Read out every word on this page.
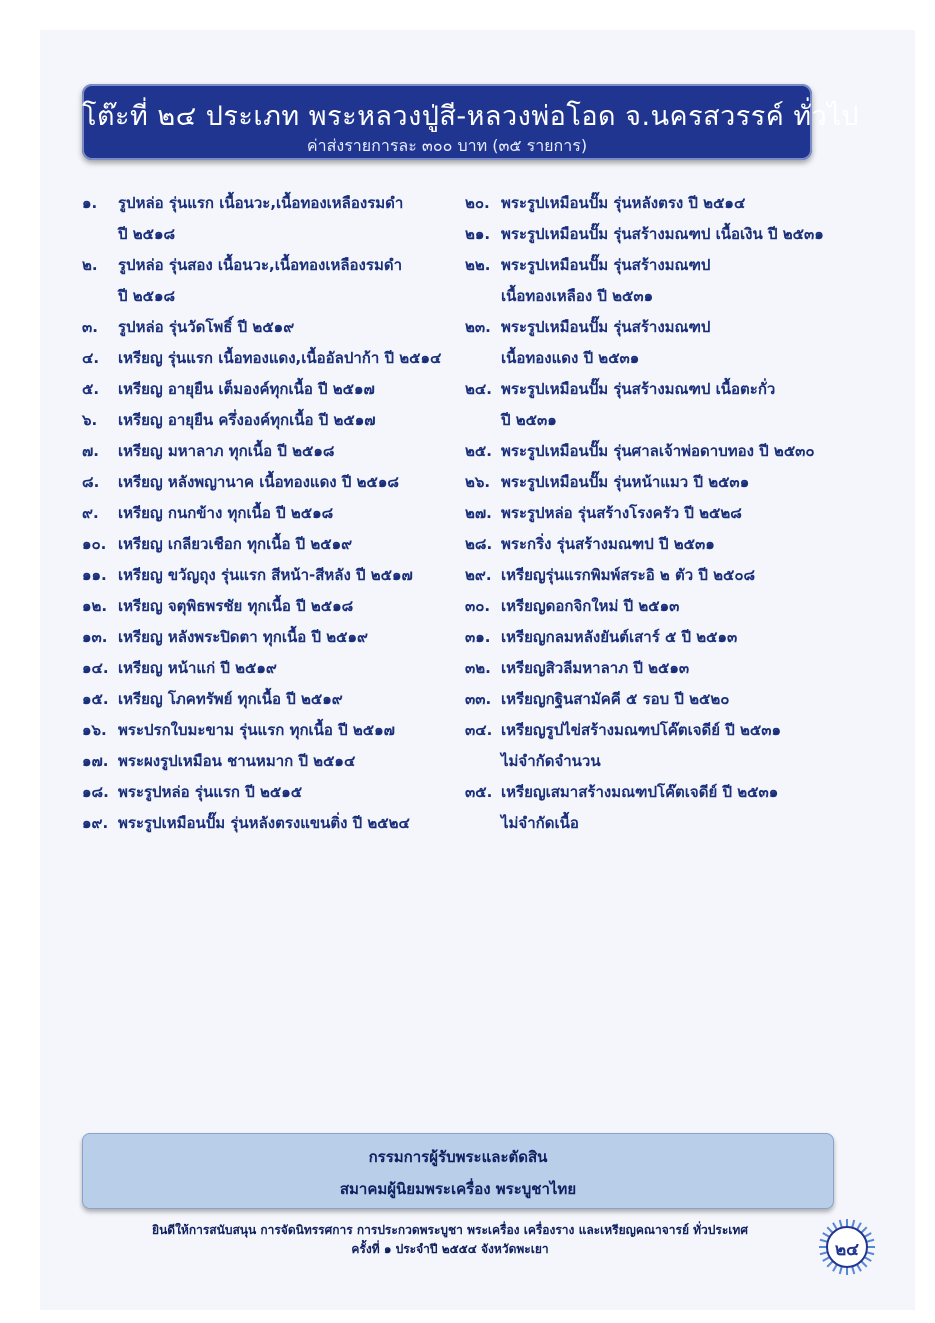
โต๊ะที่ ๒๔ ประเภท พระหลวงปู่สี-หลวงพ่อโอด จ.นครสวรรค์ ทั่วไป
ค่าส่งรายการละ ๓๐๐ บาท (๓๕ รายการ)
๑. รูปหล่อ รุ่นแรก เนื้อนวะ,เนื้อทองเหลืองรมดำ
ปี ๒๕๑๘
๒. รูปหล่อ รุ่นสอง เนื้อนวะ,เนื้อทองเหลืองรมดำ
ปี ๒๕๑๘
๓. รูปหล่อ รุ่นวัดโพธิ์ ปี ๒๕๑๙
๔. เหรียญ รุ่นแรก เนื้อทองแดง,เนื้ออัลปาก้า ปี ๒๕๑๔
๕. เหรียญ อายุยืน เต็มองค์ทุกเนื้อ ปี ๒๕๑๗
๖. เหรียญ อายุยืน ครึ่งองค์ทุกเนื้อ ปี ๒๕๑๗
๗. เหรียญ มหาลาภ ทุกเนื้อ ปี ๒๕๑๘
๘. เหรียญ หลังพญานาค เนื้อทองแดง ปี ๒๕๑๘
๙. เหรียญ กนกข้าง ทุกเนื้อ ปี ๒๕๑๘
๑๐. เหรียญ เกลียวเชือก ทุกเนื้อ ปี ๒๕๑๙
๑๑. เหรียญ ขวัญถุง รุ่นแรก สีหน้า-สีหลัง ปี ๒๕๑๗
๑๒. เหรียญ จตุพิธพรชัย ทุกเนื้อ ปี ๒๕๑๘
๑๓. เหรียญ หลังพระปิดตา ทุกเนื้อ ปี ๒๕๑๙
๑๔. เหรียญ หน้าแก่ ปี ๒๕๑๙
๑๕. เหรียญ โภคทรัพย์ ทุกเนื้อ ปี ๒๕๑๙
๑๖. พระปรกใบมะขาม รุ่นแรก ทุกเนื้อ ปี ๒๕๑๗
๑๗. พระผงรูปเหมือน ชานหมาก ปี ๒๕๑๔
๑๘. พระรูปหล่อ รุ่นแรก ปี ๒๕๑๕
๑๙. พระรูปเหมือนปั๊ม รุ่นหลังตรงแขนติ่ง ปี ๒๕๒๔
๒๐. พระรูปเหมือนปั๊ม รุ่นหลังตรง ปี ๒๕๑๔
๒๑. พระรูปเหมือนปั๊ม รุ่นสร้างมณฑป เนื้อเงิน ปี ๒๕๓๑
๒๒. พระรูปเหมือนปั๊ม รุ่นสร้างมณฑป
เนื้อทองเหลือง ปี ๒๕๓๑
๒๓. พระรูปเหมือนปั๊ม รุ่นสร้างมณฑป
เนื้อทองแดง ปี ๒๕๓๑
๒๔. พระรูปเหมือนปั๊ม รุ่นสร้างมณฑป เนื้อตะกั่ว
ปี ๒๕๓๑
๒๕. พระรูปเหมือนปั๊ม รุ่นศาลเจ้าพ่อดาบทอง ปี ๒๕๓๐
๒๖. พระรูปเหมือนปั๊ม รุ่นหน้าแมว ปี ๒๕๓๑
๒๗. พระรูปหล่อ รุ่นสร้างโรงครัว ปี ๒๕๒๘
๒๘. พระกริ่ง รุ่นสร้างมณฑป ปี ๒๕๓๑
๒๙. เหรียญรุ่นแรกพิมพ์สระอิ ๒ ตัว ปี ๒๕๐๘
๓๐. เหรียญดอกจิกใหม่ ปี ๒๕๑๓
๓๑. เหรียญกลมหลังยันต์เสาร์ ๕ ปี ๒๕๑๓
๓๒. เหรียญสิวลีมหาลาภ ปี ๒๕๑๓
๓๓. เหรียญกฐินสามัคคี ๕ รอบ ปี ๒๕๒๐
๓๔. เหรียญรูปไข่สร้างมณฑปโค๊ตเจดีย์ ปี ๒๕๓๑
ไม่จำกัดจำนวน
๓๕. เหรียญเสมาสร้างมณฑปโค๊ตเจดีย์ ปี ๒๕๓๑
ไม่จำกัดเนื้อ
กรรมการผู้รับพระและตัดสิน
สมาคมผู้นิยมพระเครื่อง พระบูชาไทย
ยินดีให้การสนับสนุน การจัดนิทรรศการ การประกวดพระบูชา พระเครื่อง เครื่องราง และเหรียญคณาจารย์ ทั่วประเทศ
ครั้งที่ ๑ ประจำปี ๒๕๕๔ จังหวัดพะเยา	๒๔
